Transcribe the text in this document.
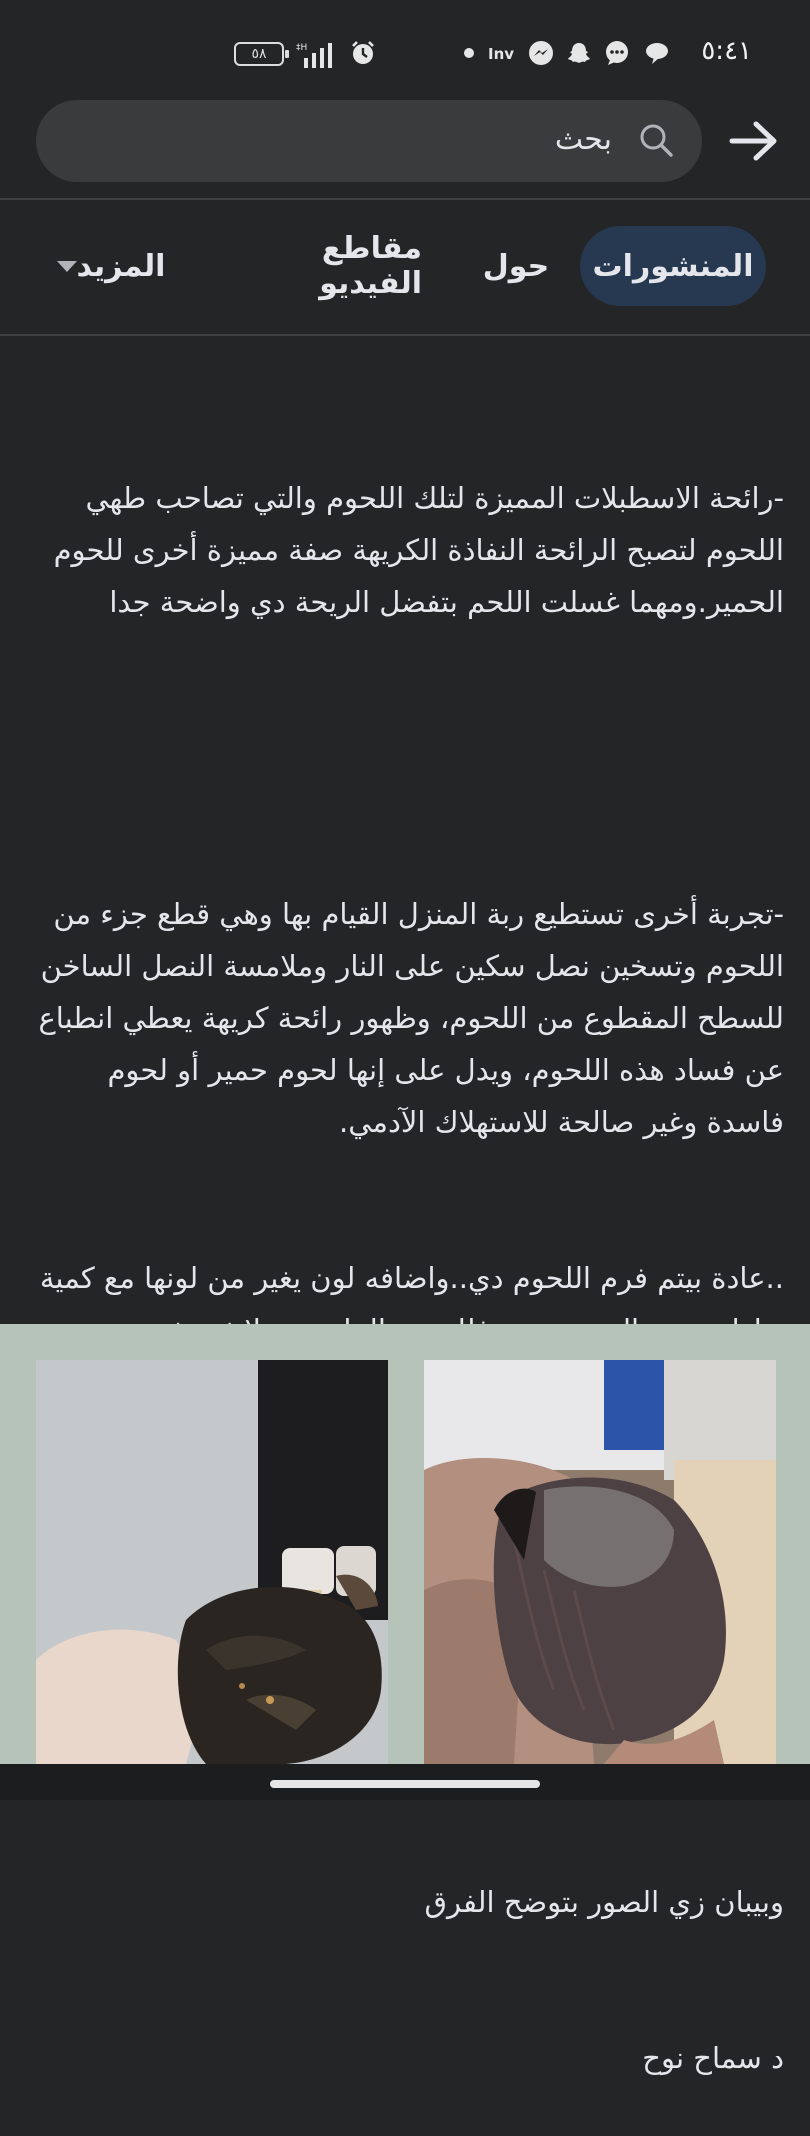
٥:٤١
Inv
٥٨	‡H
بحث
المنشورات
حول
مقاطع الفيديو
المزيد

-رائحة الاسطبلات المميزة لتلك اللحوم والتي تصاحب طهي اللحوم لتصبح الرائحة النفاذة الكريهة صفة مميزة أخرى للحوم الحمير.ومهما غسلت اللحم بتفضل الريحة دي واضحة جدا

-تجربة أخرى تستطيع ربة المنزل القيام بها وهي قطع جزء من اللحوم وتسخين نصل سكين على النار وملامسة النصل الساخن للسطح المقطوع من اللحوم، وظهور رائحة كريهة يعطي انطباع عن فساد هذه اللحوم، ويدل على إنها لحوم حمير أو لحوم فاسدة وغير صالحة للاستهلاك الآدمي.

..عادة بيتم فرم اللحوم دي..واضافه لون يغير من لونها مع كمية

وبيبان زي الصور بتوضح الفرق

د سماح نوح
